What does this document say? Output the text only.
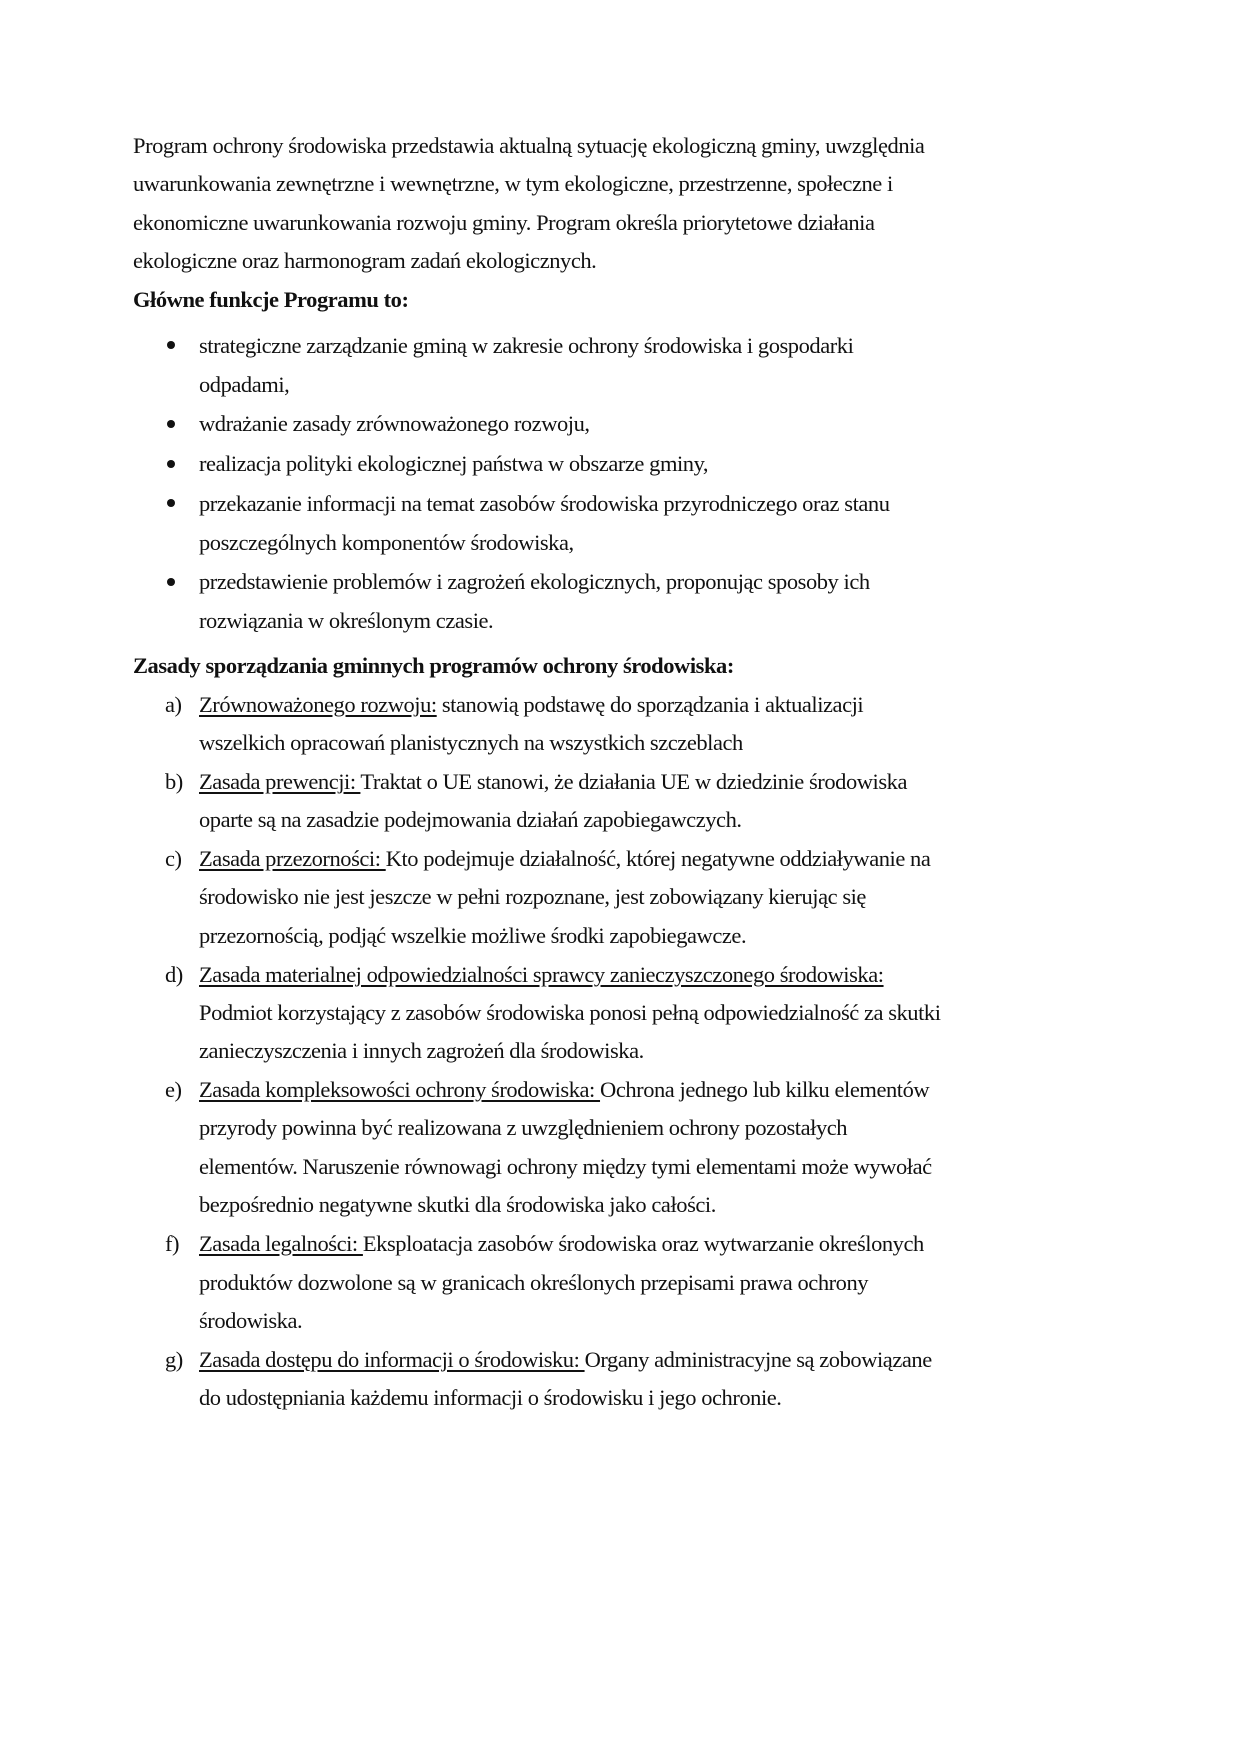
Program ochrony środowiska przedstawia aktualną sytuację ekologiczną gminy, uwzględnia
uwarunkowania zewnętrzne i wewnętrzne, w tym ekologiczne, przestrzenne, społeczne i
ekonomiczne uwarunkowania rozwoju gminy. Program określa priorytetowe działania
ekologiczne oraz harmonogram zadań ekologicznych.
Główne funkcje Programu to:
strategiczne zarządzanie gminą w zakresie ochrony środowiska i gospodarki
odpadami,
wdrażanie zasady zrównoważonego rozwoju,
realizacja polityki ekologicznej państwa w obszarze gminy,
przekazanie informacji na temat zasobów środowiska przyrodniczego oraz stanu
poszczególnych komponentów środowiska,
przedstawienie problemów i zagrożeń ekologicznych, proponując sposoby ich
rozwiązania w określonym czasie.
Zasady sporządzania gminnych programów ochrony środowiska:
a) Zrównoważonego rozwoju: stanowią podstawę do sporządzania i aktualizacji
wszelkich opracowań planistycznych na wszystkich szczeblach
b) Zasada prewencji: Traktat o UE stanowi, że działania UE w dziedzinie środowiska
oparte są na zasadzie podejmowania działań zapobiegawczych.
c) Zasada przezorności: Kto podejmuje działalność, której negatywne oddziaływanie na
środowisko nie jest jeszcze w pełni rozpoznane, jest zobowiązany kierując się
przezornością, podjąć wszelkie możliwe środki zapobiegawcze.
d) Zasada materialnej odpowiedzialności sprawcy zanieczyszczonego środowiska:
Podmiot korzystający z zasobów środowiska ponosi pełną odpowiedzialność za skutki
zanieczyszczenia i innych zagrożeń dla środowiska.
e) Zasada kompleksowości ochrony środowiska: Ochrona jednego lub kilku elementów
przyrody powinna być realizowana z uwzględnieniem ochrony pozostałych
elementów. Naruszenie równowagi ochrony między tymi elementami może wywołać
bezpośrednio negatywne skutki dla środowiska jako całości.
f) Zasada legalności: Eksploatacja zasobów środowiska oraz wytwarzanie określonych
produktów dozwolone są w granicach określonych przepisami prawa ochrony
środowiska.
g) Zasada dostępu do informacji o środowisku: Organy administracyjne są zobowiązane
do udostępniania każdemu informacji o środowisku i jego ochronie.
